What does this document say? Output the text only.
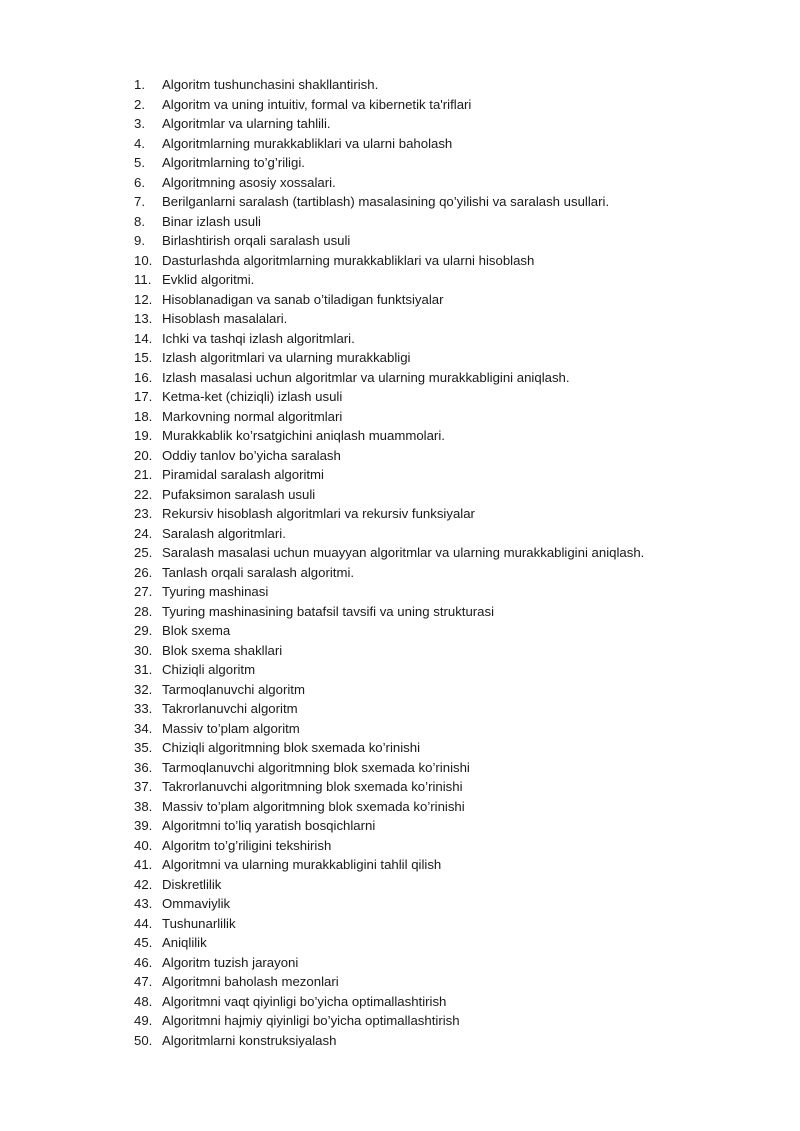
1.	Algoritm tushunchasini shakllantirish.
2.	Algoritm va uning intuitiv, formal va kibernetik ta'riflari
3.	Algoritmlar va ularning tahlili.
4.	Algoritmlarning murakkabliklari va ularni baholash
5.	Algoritmlarning to’g’riligi.
6.	Algoritmning asosiy xossalari.
7.	Berilganlarni saralash (tartiblash) masalasining qo’yilishi va saralash usullari.
8.	Binar izlash usuli
9.	Birlashtirish orqali saralash usuli
10. Dasturlashda algoritmlarning murakkabliklari va ularni hisoblash
11. Evklid algoritmi.
12. Hisoblanadigan va sanab o’tiladigan funktsiyalar
13. Hisoblash masalalari.
14. Ichki va tashqi izlash algoritmlari.
15. Izlash algoritmlari va ularning murakkabligi
16. Izlash masalasi uchun algoritmlar va ularning murakkabligini aniqlash.
17. Ketma-ket (chiziqli) izlash usuli
18. Markovning normal algoritmlari
19. Murakkablik ko’rsatgichini aniqlash muammolari.
20. Oddiy tanlov bo’yicha saralash
21. Piramidal saralash algoritmi
22. Pufaksimon saralash usuli
23. Rekursiv hisoblash algoritmlari va rekursiv funksiyalar
24. Saralash algoritmlari.
25. Saralash masalasi uchun muayyan algoritmlar va ularning murakkabligini aniqlash.
26. Tanlash orqali saralash algoritmi.
27. Tyuring mashinasi
28. Tyuring mashinasining batafsil tavsifi va uning strukturasi
29. Blok sxema
30. Blok sxema shakllari
31. Chiziqli algoritm
32. Tarmoqlanuvchi algoritm
33. Takrorlanuvchi algoritm
34. Massiv to’plam algoritm
35. Chiziqli algoritmning blok sxemada ko’rinishi
36. Tarmoqlanuvchi algoritmning blok sxemada ko’rinishi
37. Takrorlanuvchi algoritmning blok sxemada ko’rinishi
38. Massiv to’plam algoritmning blok sxemada ko’rinishi
39. Algoritmni to’liq yaratish bosqichlarni
40. Algoritm to’g’riligini tekshirish
41. Algoritmni va ularning murakkabligini tahlil qilish
42. Diskretlilik
43. Ommaviylik
44. Tushunarlilik
45. Aniqlilik
46. Algoritm tuzish jarayoni
47. Algoritmni baholash mezonlari
48. Algoritmni vaqt qiyinligi bo’yicha optimallashtirish
49. Algoritmni hajmiy qiyinligi bo’yicha optimallashtirish
50. Algoritmlarni konstruksiyalash
